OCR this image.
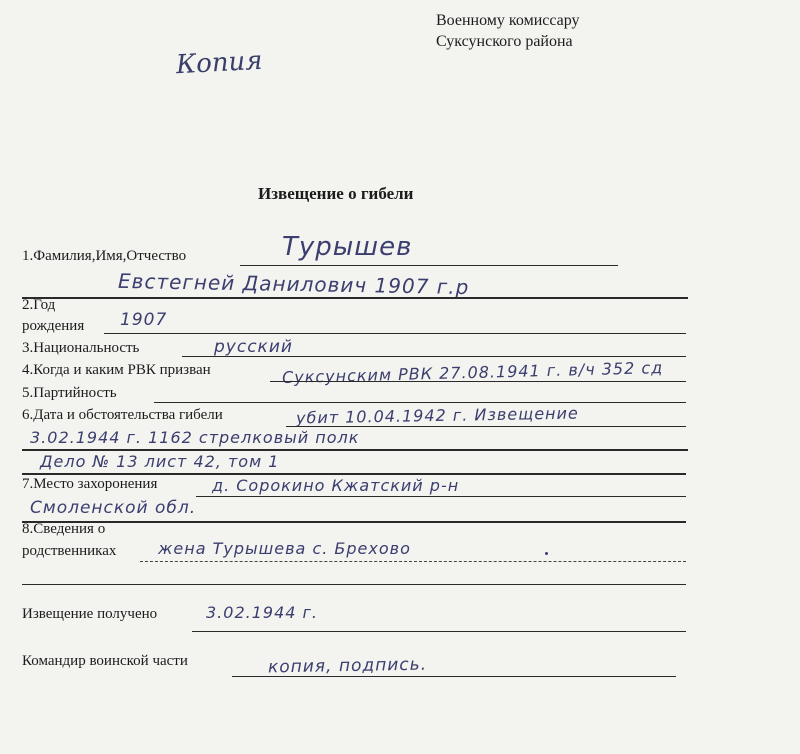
Военному комиссару
Суксунского района
Копия
Извещение о гибели
1.Фамилия,Имя,Отчество	Турышев
Евстегней Данилович 1907 г.р
2.Год
рождения 1907
3.Национальность	русский
4.Когда и каким РВК призван	Суксунским РВК 27.08.1941 г. в/ч 352 сд
5.Партийность
6.Дата и обстоятельства гибели	убит 10.04.1942 г. Извещение
3.02.1944 г. 1162 стрелковый полк
Дело № 13 лист 42, том 1
7.Место захоронения	д. Сорокино Кжатский р-н
Смоленской обл.
8.Сведения о
родственниках	жена Турышева с. Брехово
Извещение получено	3.02.1944 г.
Командир воинской части	копия, подпись.
